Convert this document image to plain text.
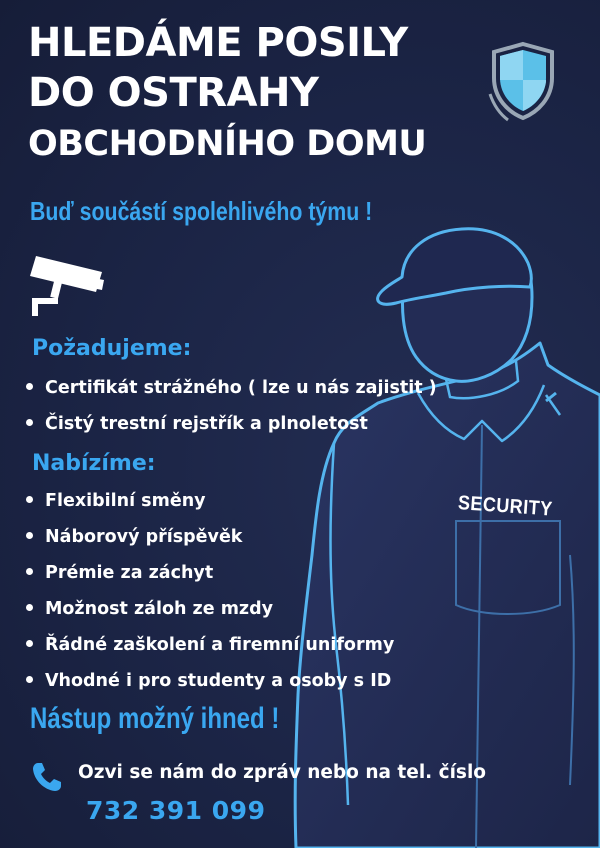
SECURITY
HLEDÁME POSILY
DO OSTRAHY
OBCHODNÍHO DOMU
Buď součástí spolehlivého týmu !
Požadujeme:
Certifikát strážného ( lze u nás zajistit )
Čistý trestní rejstřík a plnoletost
Nabízíme:
Flexibilní směny
Náborový příspěvěk
Prémie za záchyt
Možnost záloh ze mzdy
Řádné zaškolení a firemní uniformy
Vhodné i pro studenty a osoby s ID
Nástup možný ihned !
Ozvi se nám do zpráv nebo na tel. číslo
732 391 099
